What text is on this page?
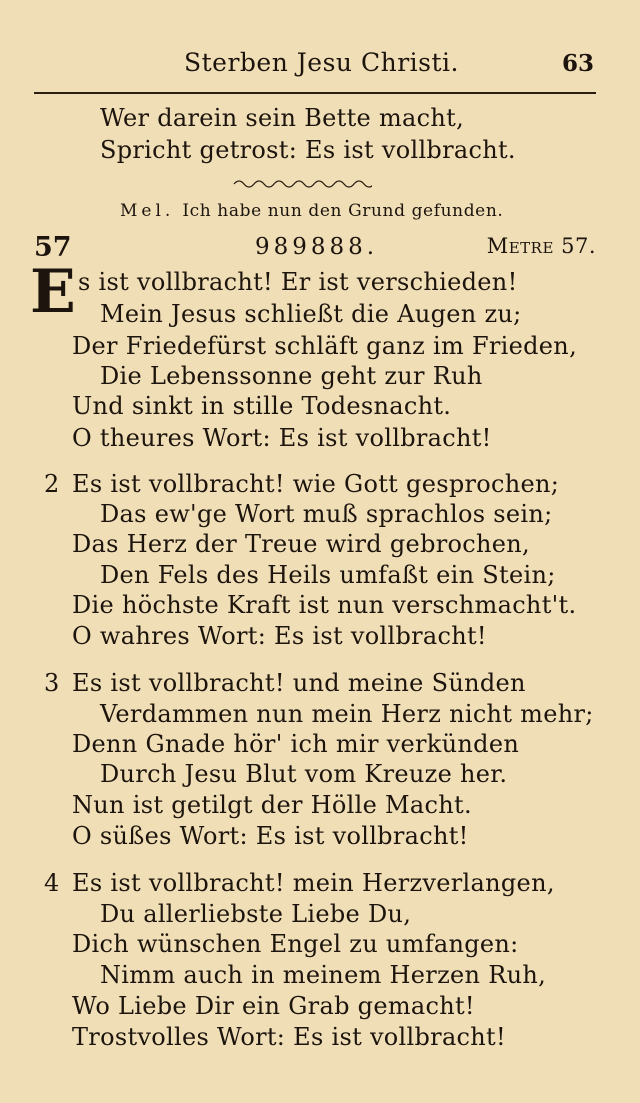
Sterben Jesu Christi.	63
Wer darein sein Bette macht,
Spricht getrost: Es ist vollbracht.
Mel. Ich habe nun den Grund gefunden.
57	989888.	Metre 57.
E s ist vollbracht! Er ist verschieden!
Mein Jesus schließt die Augen zu;
Der Friedefürst schläft ganz im Frieden,
Die Lebenssonne geht zur Ruh
Und sinkt in stille Todesnacht.
O theures Wort: Es ist vollbracht!
2 Es ist vollbracht! wie Gott gesprochen;
Das ew'ge Wort muß sprachlos sein;
Das Herz der Treue wird gebrochen,
Den Fels des Heils umfaßt ein Stein;
Die höchste Kraft ist nun verschmacht't.
O wahres Wort: Es ist vollbracht!
3 Es ist vollbracht! und meine Sünden
Verdammen nun mein Herz nicht mehr;
Denn Gnade hör' ich mir verkünden
Durch Jesu Blut vom Kreuze her.
Nun ist getilgt der Hölle Macht.
O süßes Wort: Es ist vollbracht!
4 Es ist vollbracht! mein Herzverlangen,
Du allerliebste Liebe Du,
Dich wünschen Engel zu umfangen:
Nimm auch in meinem Herzen Ruh,
Wo Liebe Dir ein Grab gemacht!
Trostvolles Wort: Es ist vollbracht!
